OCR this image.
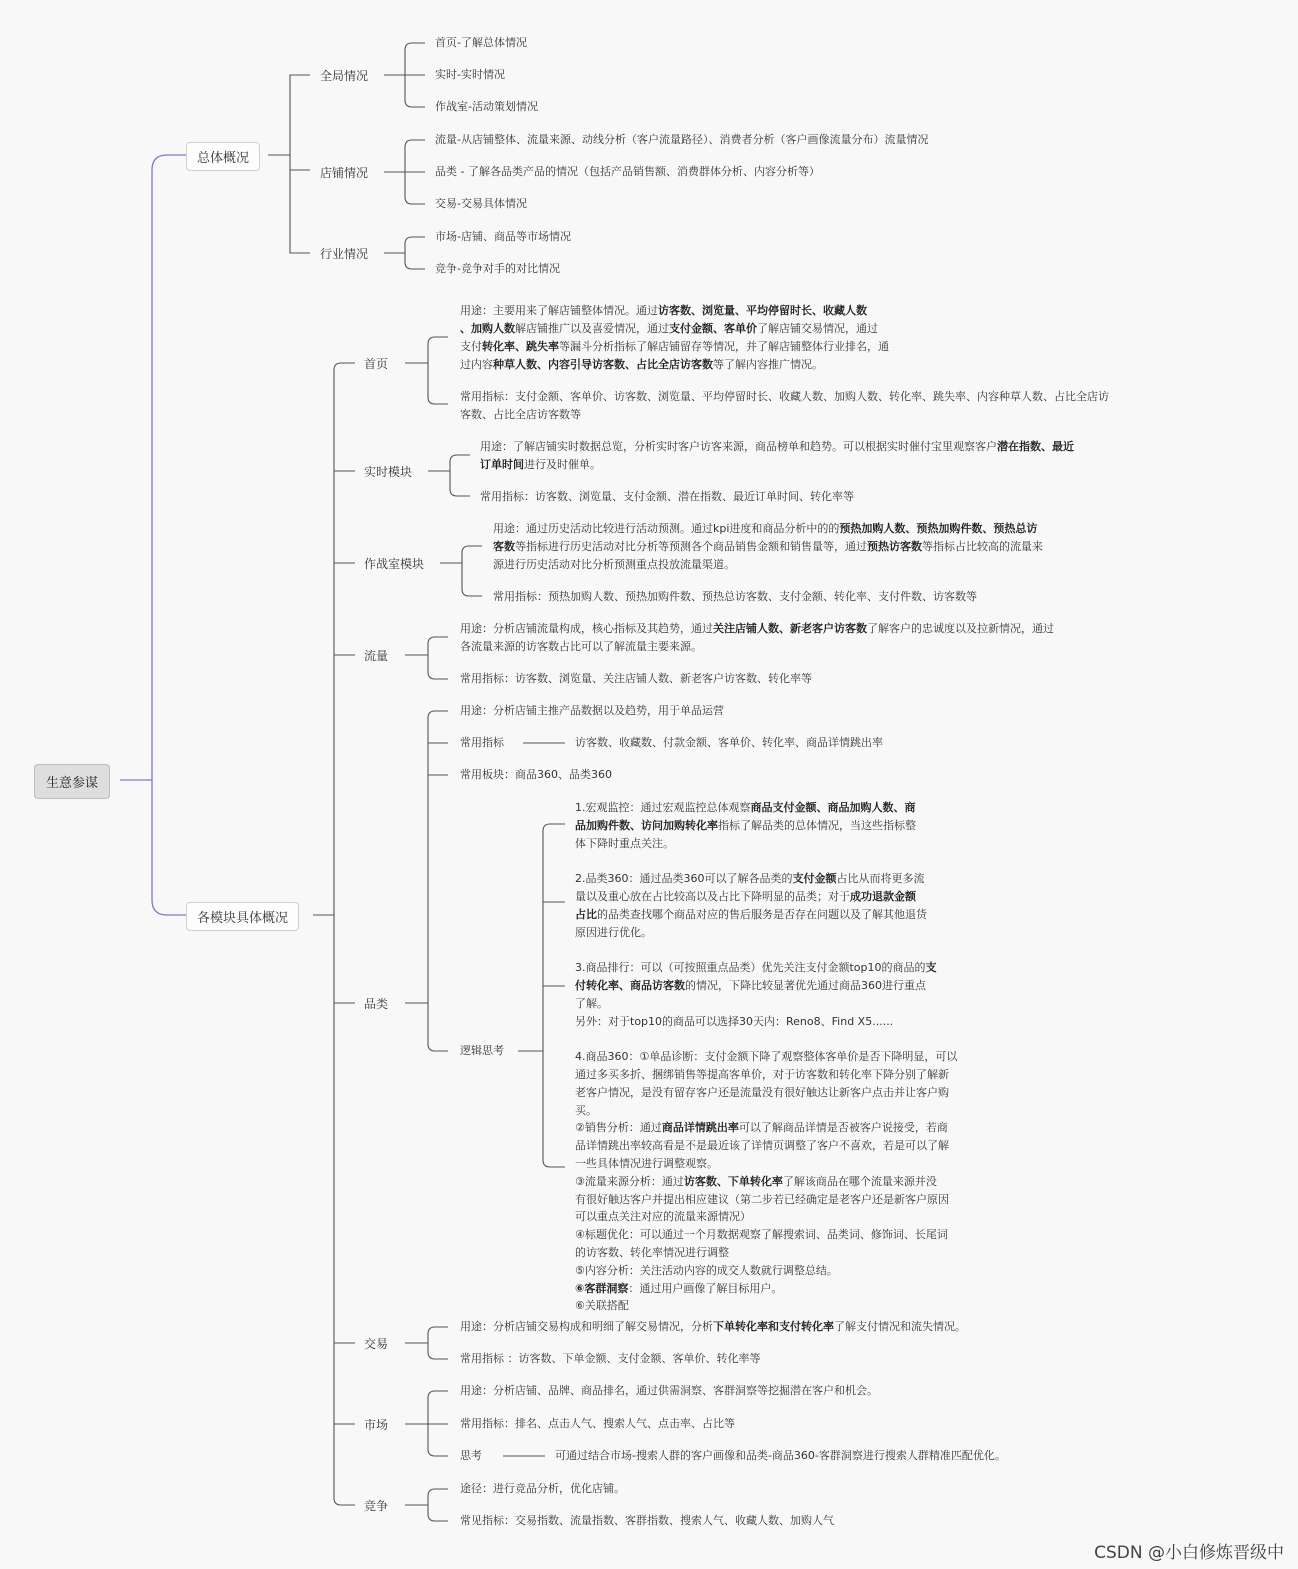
生意参谋
总体概况
全局情况
首页-了解总体情况
实时-实时情况
作战室-活动策划情况
店铺情况
流量-从店铺整体、流量来源、动线分析（客户流量路径）、消费者分析（客户画像流量分布）流量情况
品类 - 了解各品类产品的情况（包括产品销售额、消费群体分析、内容分析等）
交易-交易具体情况
行业情况
市场-店铺、商品等市场情况
竞争-竞争对手的对比情况
各模块具体概况
首页
用途：主要用来了解店铺整体情况。通过访客数、浏览量、平均停留时长、收藏人数
、加购人数解店铺推广以及喜爱情况，通过支付金额、客单价了解店铺交易情况，通过
支付转化率、跳失率等漏斗分析指标了解店铺留存等情况，并了解店铺整体行业排名，通
过内容种草人数、内容引导访客数、占比全店访客数等了解内容推广情况。
常用指标：支付金额、客单价、访客数、浏览量、平均停留时长、收藏人数、加购人数、转化率、跳失率、内容种草人数、占比全店访
客数、占比全店访客数等
实时模块
用途：了解店铺实时数据总览，分析实时客户访客来源，商品榜单和趋势。可以根据实时催付宝里观察客户潜在指数、最近
订单时间进行及时催单。
常用指标：访客数、浏览量、支付金额、潜在指数、最近订单时间、转化率等
作战室模块
用途：通过历史活动比较进行活动预测。通过kpi进度和商品分析中的的预热加购人数、预热加购件数、预热总访
客数等指标进行历史活动对比分析等预测各个商品销售金额和销售量等，通过预热访客数等指标占比较高的流量来
源进行历史活动对比分析预测重点投放流量渠道。
常用指标：预热加购人数、预热加购件数、预热总访客数、支付金额、转化率、支付件数、访客数等
流量
用途：分析店铺流量构成，核心指标及其趋势，通过关注店铺人数、新老客户访客数了解客户的忠诚度以及拉新情况，通过
各流量来源的访客数占比可以了解流量主要来源。
常用指标：访客数、浏览量、关注店铺人数、新老客户访客数、转化率等
品类
用途：分析店铺主推产品数据以及趋势，用于单品运营
常用指标	访客数、收藏数、付款金额、客单价、转化率、商品详情跳出率
常用板块：商品360、品类360
逻辑思考
1.宏观监控：通过宏观监控总体观察商品支付金额、商品加购人数、商
品加购件数、访问加购转化率指标了解品类的总体情况，当这些指标整
体下降时重点关注。
2.品类360：通过品类360可以了解各品类的支付金额占比从而将更多流
量以及重心放在占比较高以及占比下降明显的品类；对于成功退款金额
占比的品类查找哪个商品对应的售后服务是否存在问题以及了解其他退货
原因进行优化。
3.商品排行：可以（可按照重点品类）优先关注支付金额top10的商品的支
付转化率、商品访客数的情况，下降比较显著优先通过商品360进行重点
了解。
另外：对于top10的商品可以选择30天内：Reno8、Find X5......
4.商品360：①单品诊断：支付金额下降了观察整体客单价是否下降明显，可以
通过多买多折、捆绑销售等提高客单价，对于访客数和转化率下降分别了解新
老客户情况，是没有留存客户还是流量没有很好触达让新客户点击并让客户购
买。
②销售分析：通过商品详情跳出率可以了解商品详情是否被客户说接受，若商
品详情跳出率较高看是不是最近该了详情页调整了客户不喜欢，若是可以了解
一些具体情况进行调整观察。
③流量来源分析：通过访客数、下单转化率了解该商品在哪个流量来源并没
有很好触达客户并提出相应建议（第二步若已经确定是老客户还是新客户原因
可以重点关注对应的流量来源情况）
④标题优化：可以通过一个月数据观察了解搜索词、品类词、修饰词、长尾词
的访客数、转化率情况进行调整
⑤内容分析：关注活动内容的成交人数就行调整总结。
⑥客群洞察：通过用户画像了解目标用户。
⑥关联搭配
交易
用途：分析店铺交易构成和明细了解交易情况，分析下单转化率和支付转化率了解支付情况和流失情况。
常用指标 ：访客数、下单金额、支付金额、客单价、转化率等
市场
用途：分析店铺、品牌、商品排名，通过供需洞察、客群洞察等挖掘潜在客户和机会。
常用指标：排名、点击人气、搜索人气、点击率、占比等
思考	可通过结合市场-搜索人群的客户画像和品类-商品360-客群洞察进行搜索人群精准匹配优化。
竞争
途径：进行竞品分析，优化店铺。
常见指标：交易指数、流量指数、客群指数、搜索人气、收藏人数、加购人气
CSDN @小白修炼晋级中
